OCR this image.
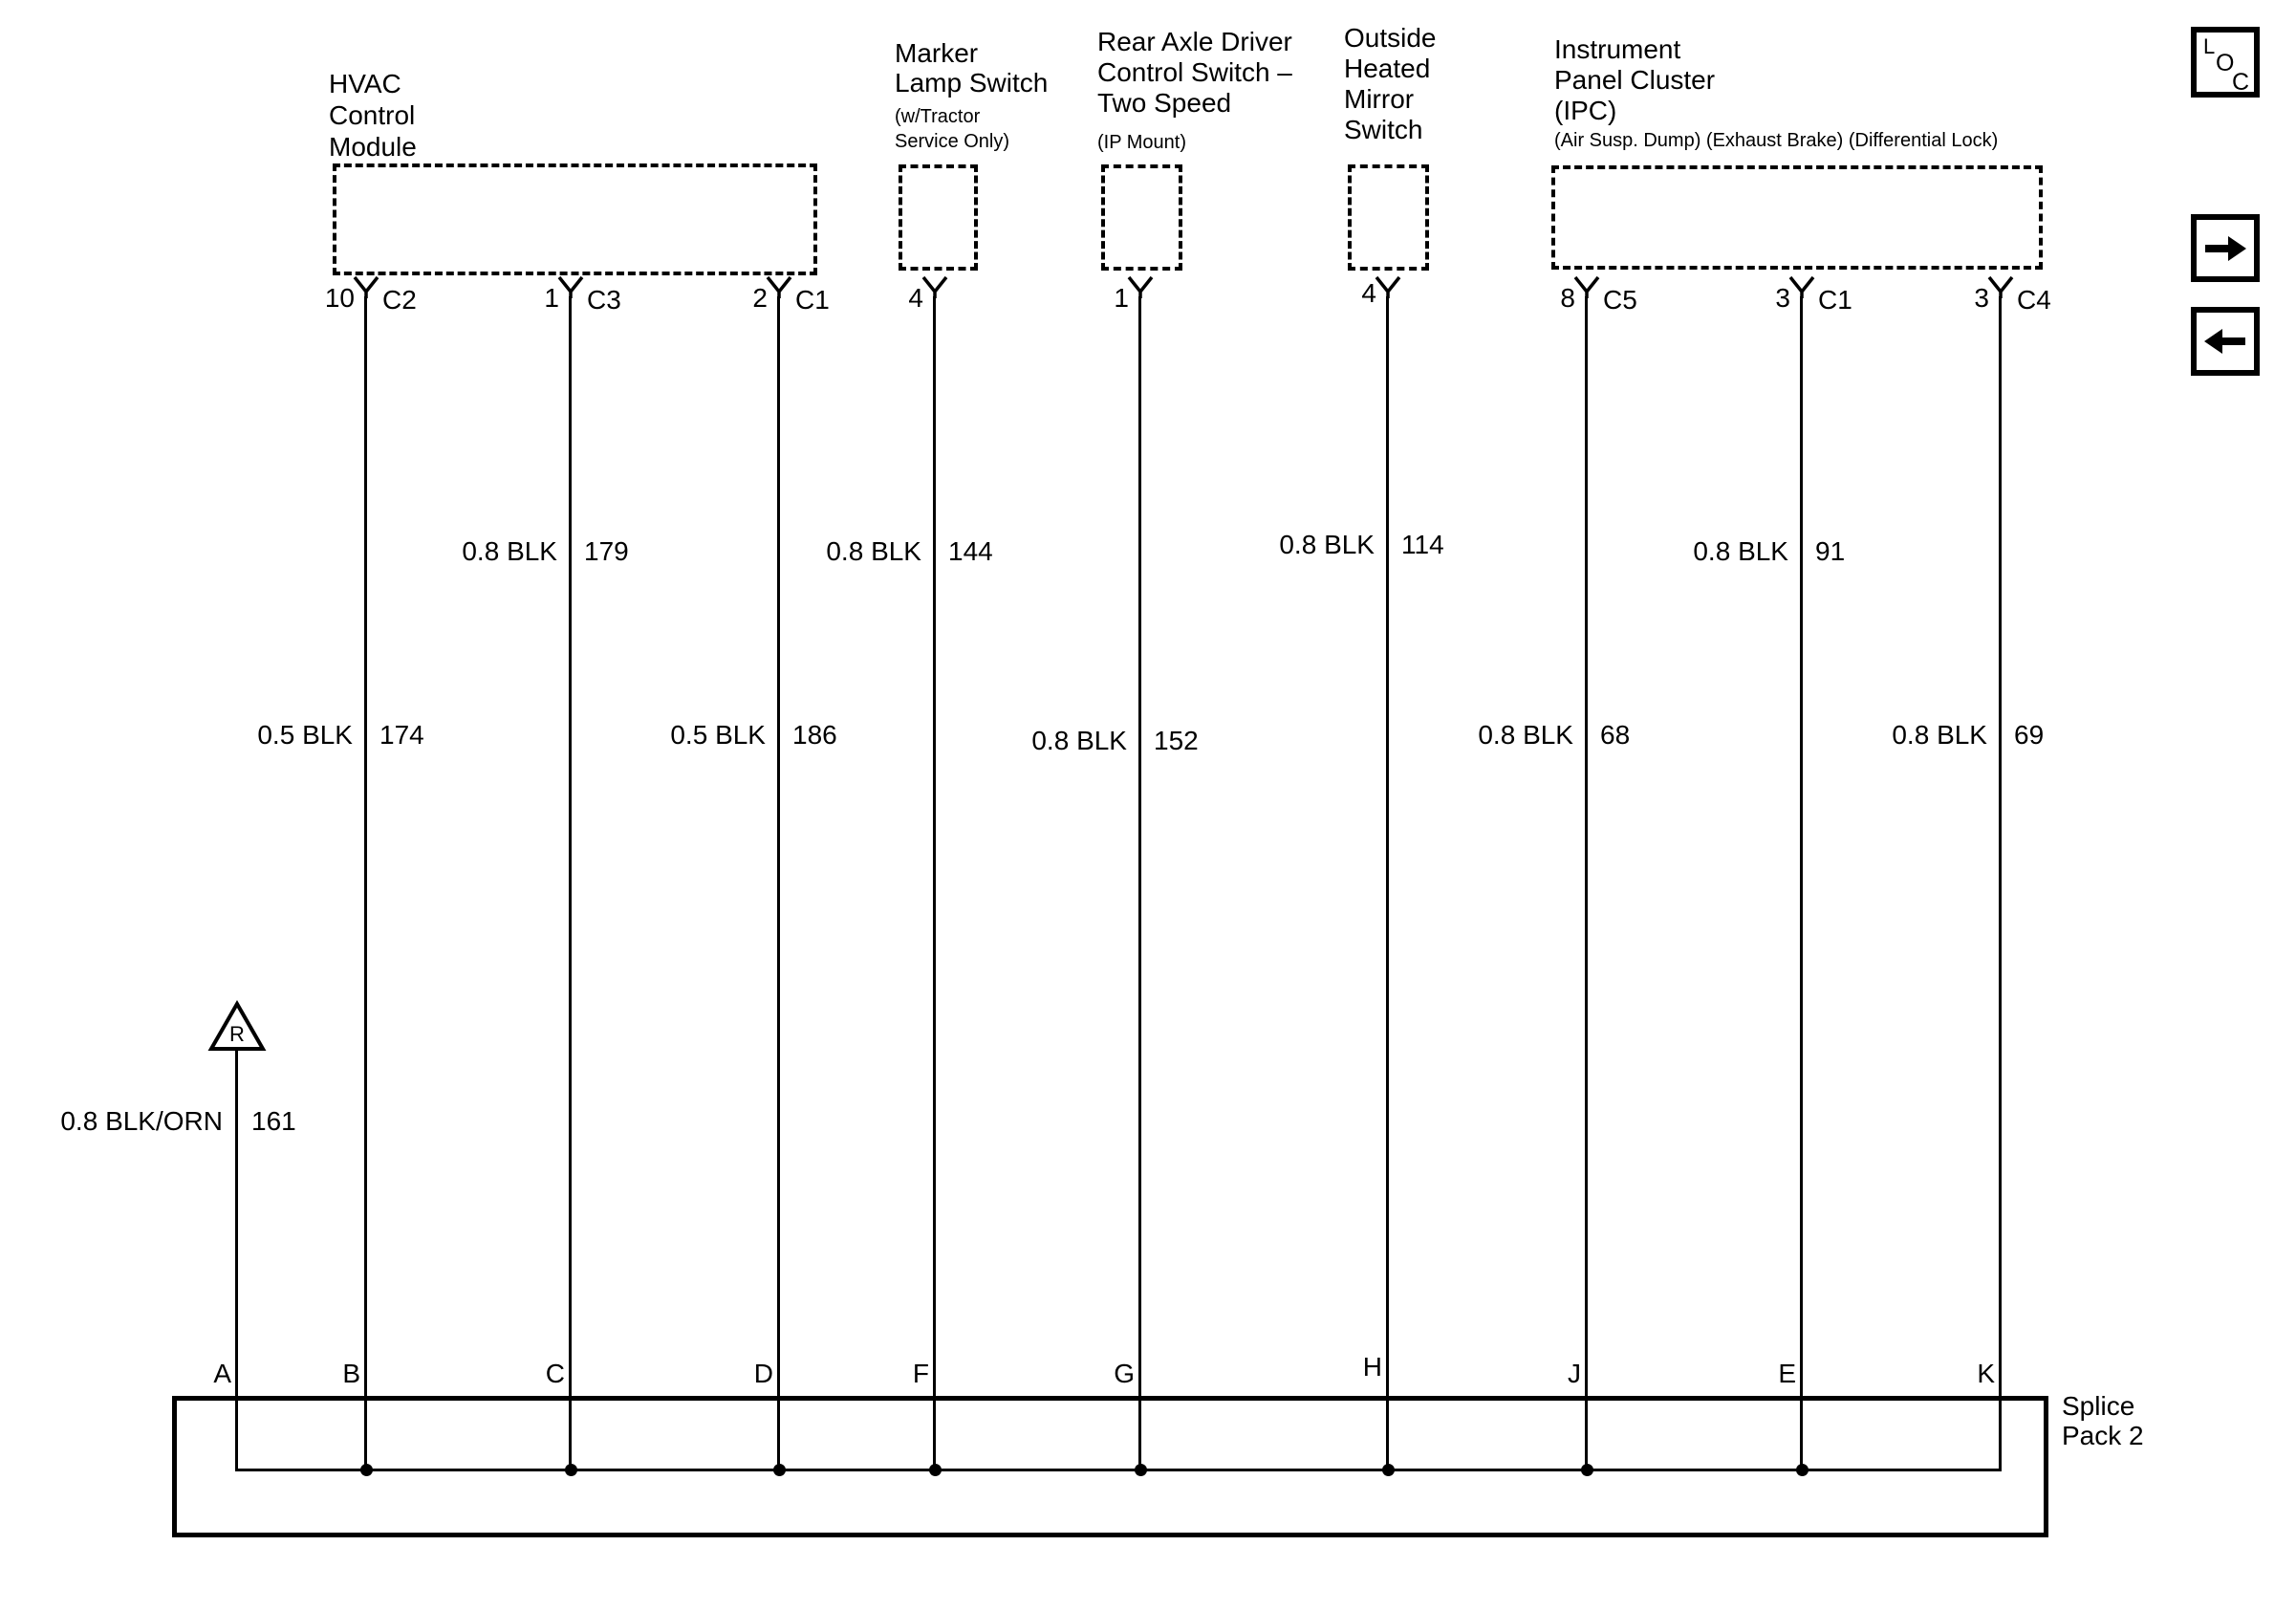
L
O
C
HVAC
Control
Module
Marker
Lamp Switch
(w/Tractor
Service Only)
Rear Axle Driver
Control Switch –
Two Speed
(IP Mount)
Outside
Heated
Mirror
Switch
Instrument
Panel Cluster
(IPC)
(Air Susp. Dump) (Exhaust Brake) (Differential Lock)
10 C2	1 C3	2 C1	4	1	4	8 C5	3 C1	3 C4
0.8 BLK 179	0.8 BLK 144	0.8 BLK 114	0.8 BLK 91
0.5 BLK 174	0.5 BLK 186	0.8 BLK 152	0.8 BLK 68	0.8 BLK 69
R
0.8 BLK/ORN 161
A	B	C	D	F	G	H	J	E	K
Splice
Pack 2
